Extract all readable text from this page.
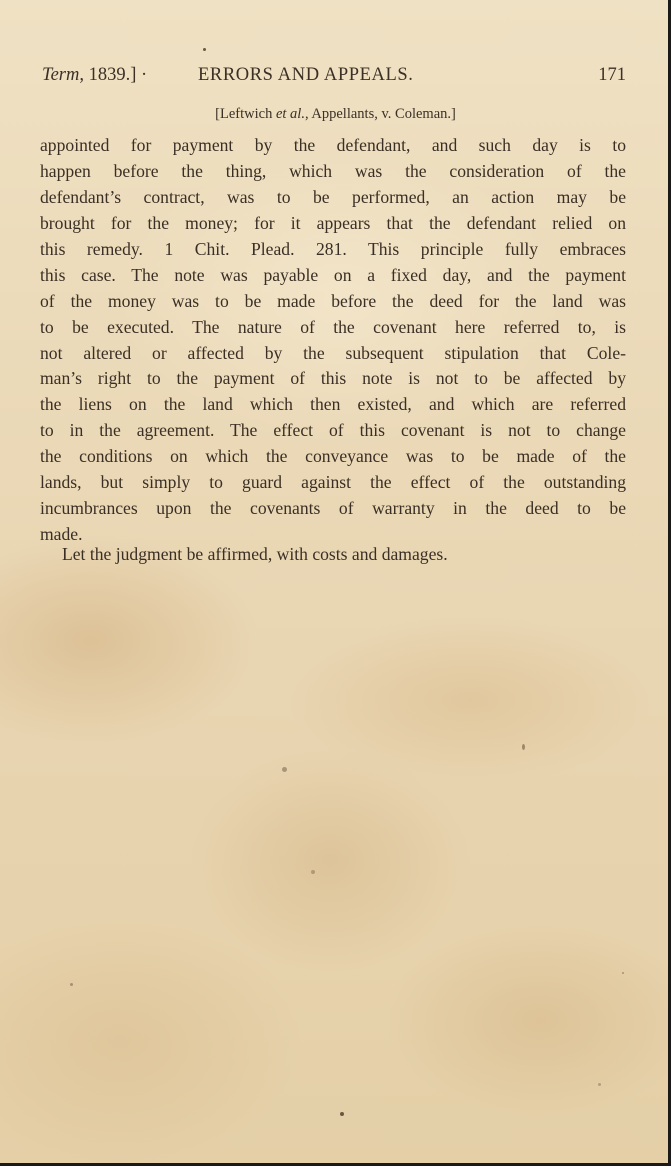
Term, 1839.] ·	ERRORS AND APPEALS.	171
[Leftwich et al., Appellants, v. Coleman.]
appointed for payment by the defendant, and such day is to
happen before the thing, which was the consideration of the
defendant’s contract, was to be performed, an action may be
brought for the money; for it appears that the defendant relied on
this remedy. 1 Chit. Plead. 281. This principle fully embraces
this case. The note was payable on a fixed day, and the payment
of the money was to be made before the deed for the land was
to be executed. The nature of the covenant here referred to, is
not altered or affected by the subsequent stipulation that Cole-
man’s right to the payment of this note is not to be affected by
the liens on the land which then existed, and which are referred
to in the agreement. The effect of this covenant is not to change
the conditions on which the conveyance was to be made of the
lands, but simply to guard against the effect of the outstanding
incumbrances upon the covenants of warranty in the deed to be
made.
Let the judgment be affirmed, with costs and damages.
